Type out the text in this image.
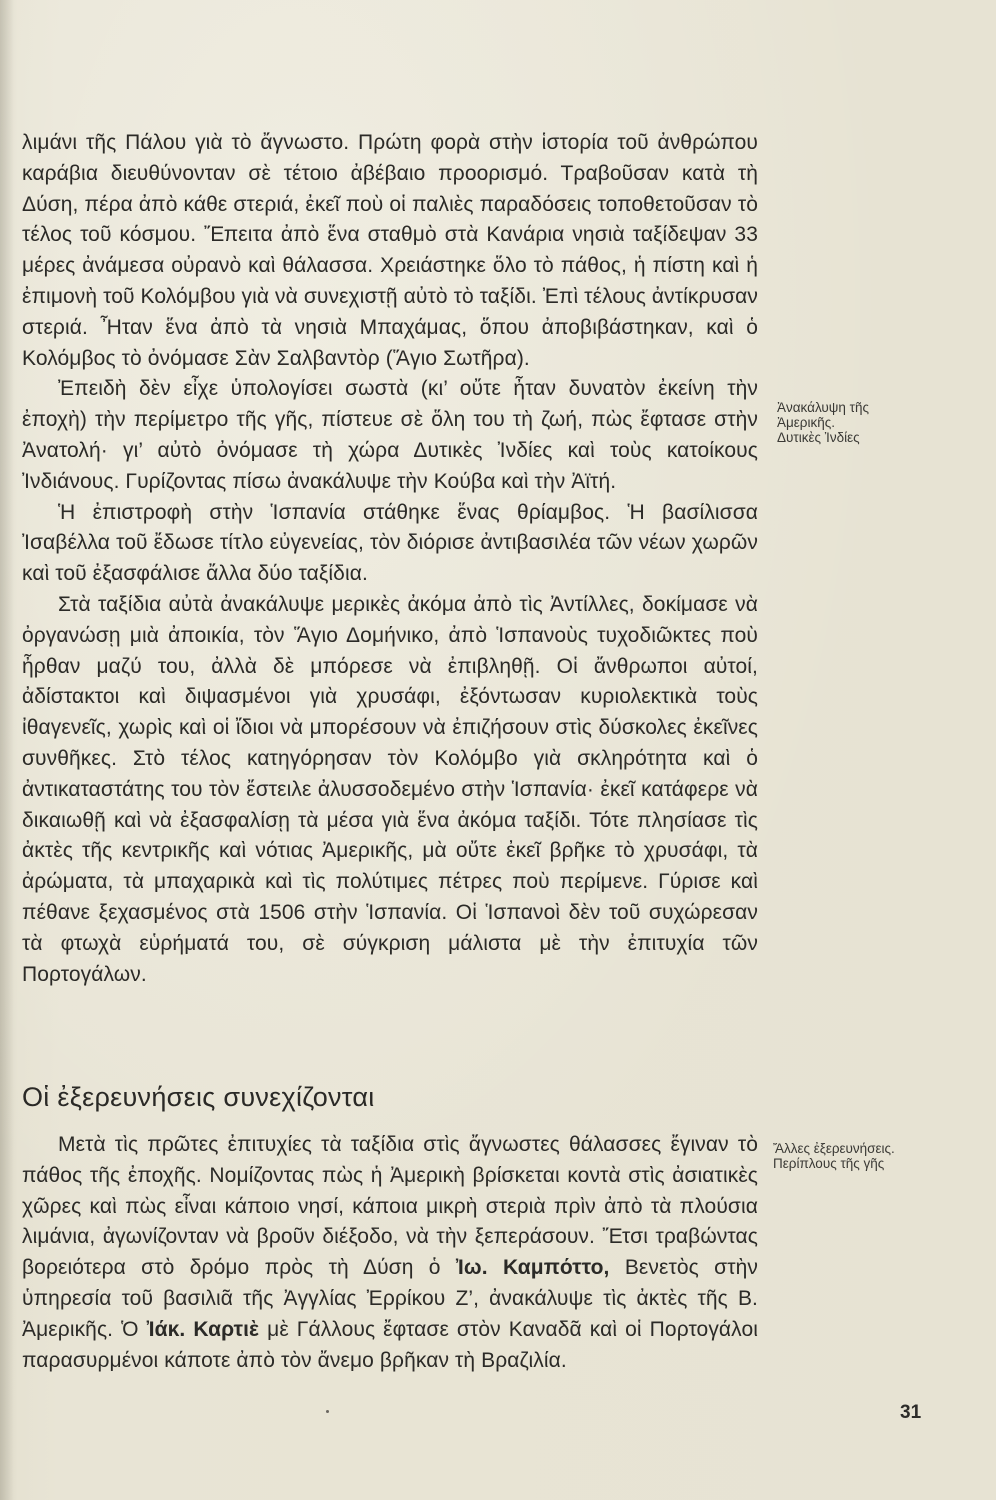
λιμάνι τῆς Πάλου γιὰ τὸ ἄγνωστο. Πρώτη φορὰ στὴν ἱστορία τοῦ ἀνθρώπου καράβια διευθύνονταν σὲ τέτοιο ἀβέβαιο προορισμό. Τραβοῦσαν κατὰ τὴ Δύση, πέρα ἀπὸ κάθε στεριά, ἐκεῖ ποὺ οἱ παλιὲς παραδόσεις τοποθετοῦσαν τὸ τέλος τοῦ κόσμου. Ἔπειτα ἀπὸ ἕνα σταθμὸ στὰ Κανάρια νησιὰ ταξίδεψαν 33 μέρες ἀνάμεσα οὐρανὸ καὶ θάλασσα. Χρειάστηκε ὅλο τὸ πάθος, ἡ πίστη καὶ ἡ ἐπιμονὴ τοῦ Κολόμβου γιὰ νὰ συνεχιστῇ αὐτὸ τὸ ταξίδι. Ἐπὶ τέλους ἀντίκρυσαν στεριά. Ἦταν ἕνα ἀπὸ τὰ νησιὰ Μπαχάμας, ὅπου ἀποβιβάστηκαν, καὶ ὁ Κολόμβος τὸ ὀνόμασε Σὰν Σαλβαντὸρ (Ἅγιο Σωτῆρα).

Ἐπειδὴ δὲν εἶχε ὑπολογίσει σωστὰ (κι’ οὔτε ἦταν δυνατὸν ἐκείνη τὴν ἐποχὴ) τὴν περίμετρο τῆς γῆς, πίστευε σὲ ὅλη του τὴ ζωή, πὼς ἔφτασε στὴν Ἀνατολή· γι’ αὐτὸ ὀνόμασε τὴ χώρα Δυτικὲς Ἰνδίες καὶ τοὺς κατοίκους Ἰνδιάνους. Γυρίζοντας πίσω ἀνακάλυψε τὴν Κούβα καὶ τὴν Ἀϊτή.

Ἡ ἐπιστροφὴ στὴν Ἱσπανία στάθηκε ἕνας θρίαμβος. Ἡ βασίλισσα Ἰσαβέλλα τοῦ ἔδωσε τίτλο εὐγενείας, τὸν διόρισε ἀντιβασιλέα τῶν νέων χωρῶν καὶ τοῦ ἐξασφάλισε ἄλλα δύο ταξίδια.

Στὰ ταξίδια αὐτὰ ἀνακάλυψε μερικὲς ἀκόμα ἀπὸ τὶς Ἀντίλλες, δοκίμασε νὰ ὀργανώσῃ μιὰ ἀποικία, τὸν Ἅγιο Δομήνικο, ἀπὸ Ἱσπανοὺς τυχοδιῶκτες ποὺ ἦρθαν μαζύ του, ἀλλὰ δὲ μπόρεσε νὰ ἐπιβληθῇ. Οἱ ἄνθρωποι αὐτοί, ἀδίστακτοι καὶ διψασμένοι γιὰ χρυσάφι, ἐξόντωσαν κυριολεκτικὰ τοὺς ἰθαγενεῖς, χωρὶς καὶ οἱ ἴδιοι νὰ μπορέσουν νὰ ἐπιζήσουν στὶς δύσκολες ἐκεῖνες συνθῆκες. Στὸ τέλος κατηγόρησαν τὸν Κολόμβο γιὰ σκληρότητα καὶ ὁ ἀντικαταστάτης του τὸν ἔστειλε ἀλυσσοδεμένο στὴν Ἱσπανία· ἐκεῖ κατάφερε νὰ δικαιωθῇ καὶ νὰ ἐξασφαλίσῃ τὰ μέσα γιὰ ἕνα ἀκόμα ταξίδι. Τότε πλησίασε τὶς ἀκτὲς τῆς κεντρικῆς καὶ νότιας Ἀμερικῆς, μὰ οὔτε ἐκεῖ βρῆκε τὸ χρυσάφι, τὰ ἀρώματα, τὰ μπαχαρικὰ καὶ τὶς πολύτιμες πέτρες ποὺ περίμενε. Γύρισε καὶ πέθανε ξεχασμένος στὰ 1506 στὴν Ἱσπανία. Οἱ Ἱσπανοὶ δὲν τοῦ συχώρεσαν τὰ φτωχὰ εὑρήματά του, σὲ σύγκριση μάλιστα μὲ τὴν ἐπιτυχία τῶν Πορτογάλων.

Οἱ ἐξερευνήσεις συνεχίζονται

Μετὰ τὶς πρῶτες ἐπιτυχίες τὰ ταξίδια στὶς ἄγνωστες θάλασσες ἔγιναν τὸ πάθος τῆς ἐποχῆς. Νομίζοντας πὼς ἡ Ἀμερικὴ βρίσκεται κοντὰ στὶς ἀσιατικὲς χῶρες καὶ πὼς εἶναι κάποιο νησί, κάποια μικρὴ στεριὰ πρὶν ἀπὸ τὰ πλούσια λιμάνια, ἀγωνίζονταν νὰ βροῦν διέξοδο, νὰ τὴν ξεπεράσουν. Ἔτσι τραβώντας βορειότερα στὸ δρόμο πρὸς τὴ Δύση ὁ Ἰω. Καμπόττο, Βενετὸς στὴν ὑπηρεσία τοῦ βασιλιᾶ τῆς Ἀγγλίας Ἐρρίκου Ζ’, ἀνακάλυψε τὶς ἀκτὲς τῆς Β. Ἀμερικῆς. Ὁ Ἰάκ. Καρτιὲ μὲ Γάλλους ἔφτασε στὸν Καναδᾶ καὶ οἱ Πορτογάλοι παρασυρμένοι κάποτε ἀπὸ τὸν ἄνεμο βρῆκαν τὴ Βραζιλία.

Ἀνακάλυψη τῆς
Ἀμερικῆς.
Δυτικὲς Ἰνδίες
Ἄλλες ἐξερευνήσεις.
Περίπλους τῆς γῆς
31
